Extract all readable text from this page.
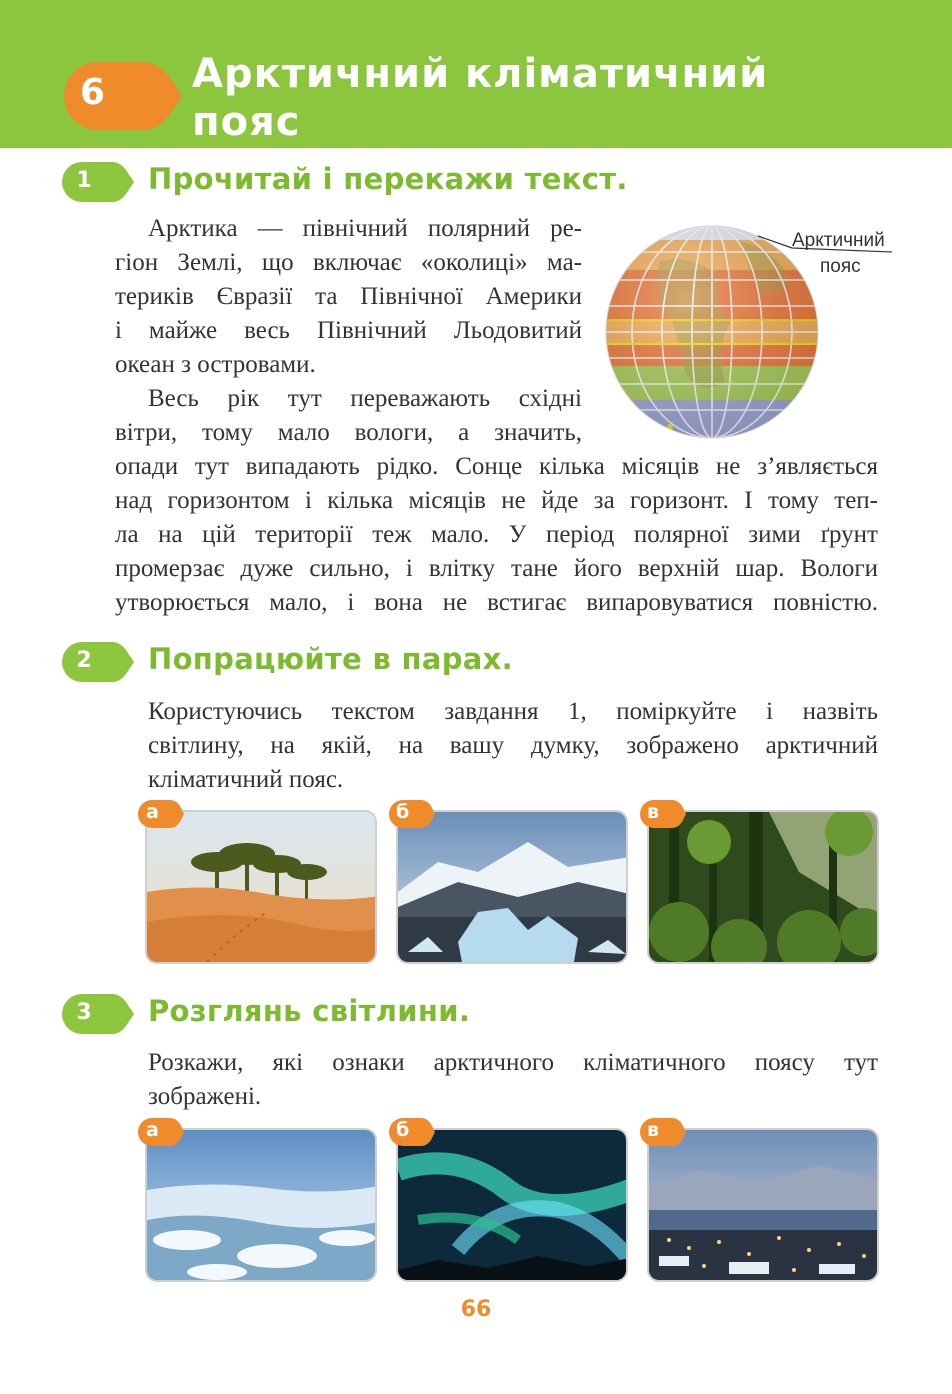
6 Арктичний кліматичний
пояс
1	Прочитай і перекажи текст.
Арктика — північний полярний ре-
гіон Землі, що включає «околиці» ма-
териків Євразії та Північної Америки
і майже весь Північний Льодовитий
океан з островами.
Весь рік тут переважають східні
вітри, тому мало вологи, а значить,
опади тут випадають рідко. Сонце кілька місяців не з’являється
над горизонтом і кілька місяців не йде за горизонт. І тому теп-
ла на цій території теж мало. У період полярної зими ґрунт
промерзає дуже сильно, і влітку тане його верхній шар. Вологи
утворюється мало, і вона не встигає випаровуватися повністю.
Арктичний
пояс
2	Попрацюйте в парах.
Користуючись текстом завдання 1, поміркуйте і назвіть
світлину, на якій, на вашу думку, зображено арктичний
кліматичний пояс.
а	б	в
3	Розглянь світлини.
Розкажи, які ознаки арктичного кліматичного поясу тут
зображені.
а	б	в
66
